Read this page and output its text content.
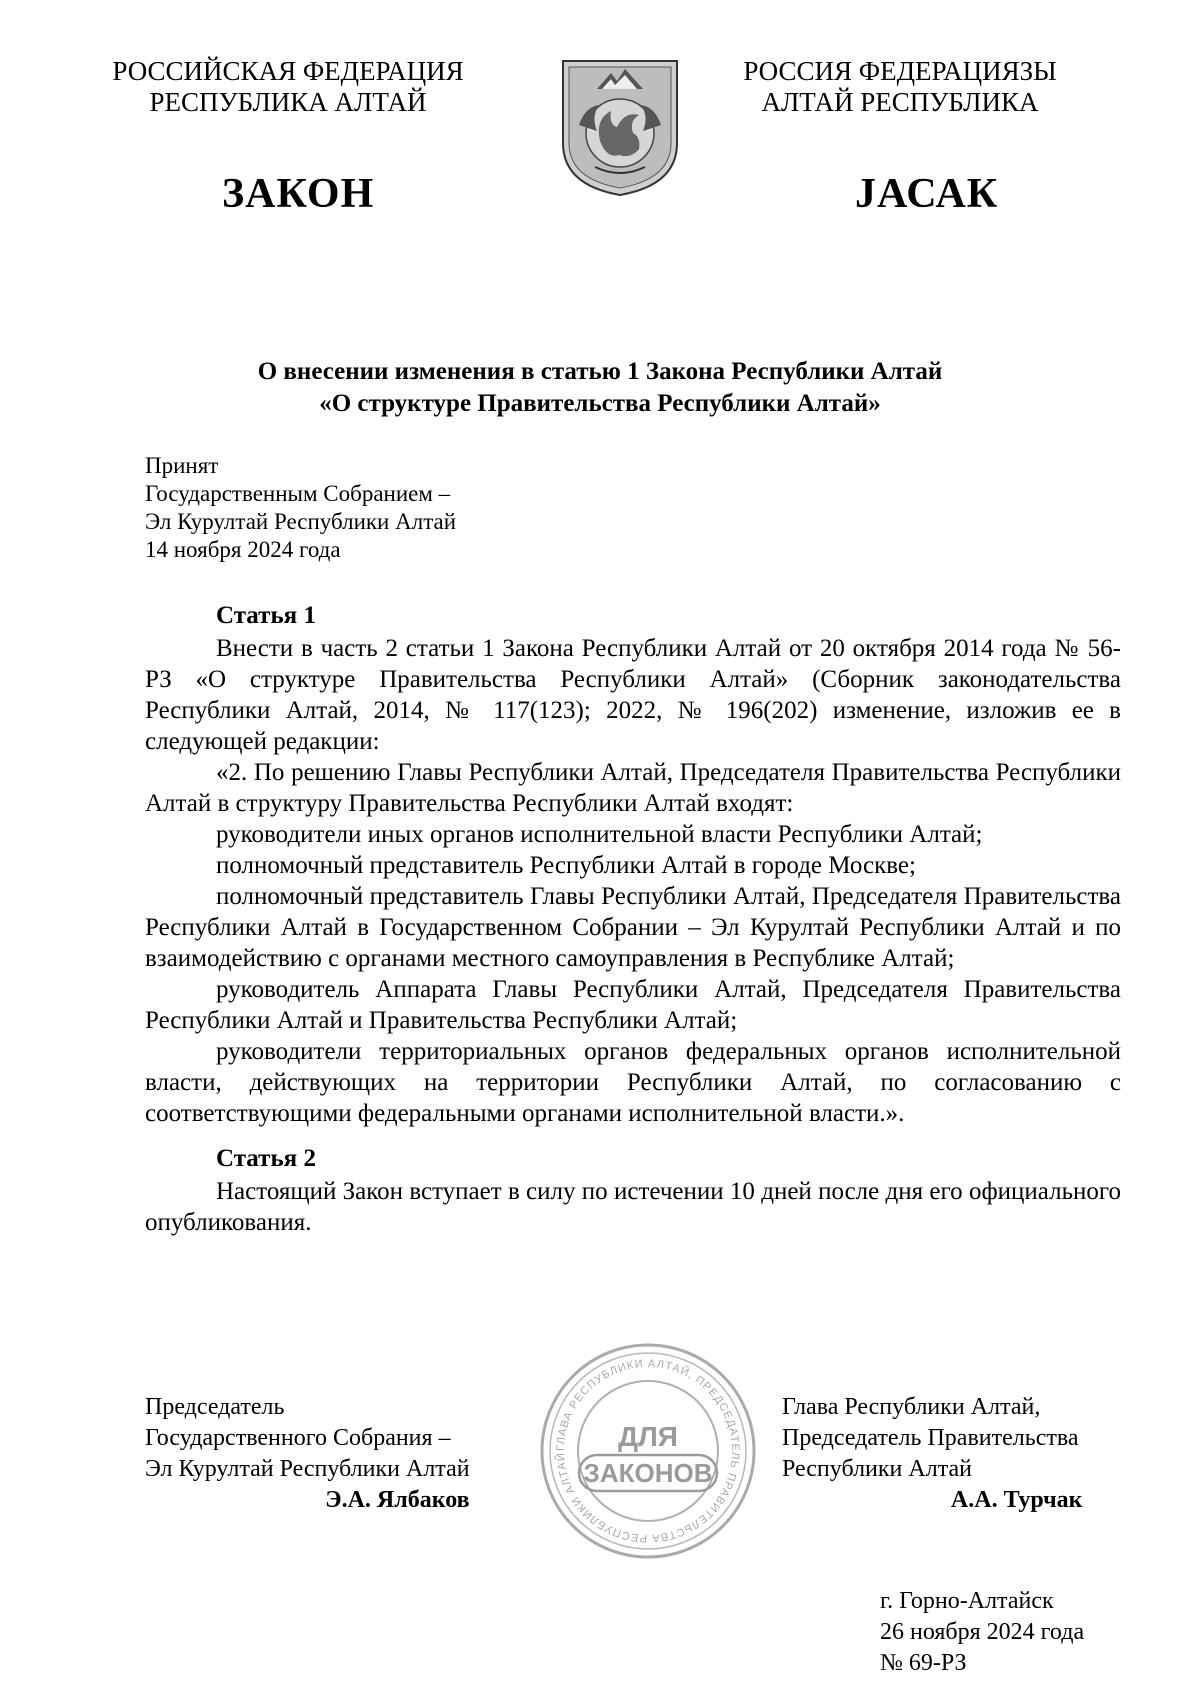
РОССИЙСКАЯ ФЕДЕРАЦИЯ
РЕСПУБЛИКА АЛТАЙ
РОССИЯ ФЕДЕРАЦИЯЗЫ
АЛТАЙ РЕСПУБЛИКА
ЗАКОН	ЈАСАК
О внесении изменения в статью 1 Закона Республики Алтай
«О структуре Правительства Республики Алтай»
Принят
Государственным Собранием –
Эл Курултай Республики Алтай
14 ноября 2024 года
Статья 1

Внести в часть 2 статьи 1 Закона Республики Алтай от 20 октября 2014 года № 56-РЗ «О структуре Правительства Республики Алтай» (Сборник законодательства Республики Алтай, 2014, № 117(123); 2022, № 196(202) изменение, изложив ее в следующей редакции:

«2. По решению Главы Республики Алтай, Председателя Правительства Республики Алтай в структуру Правительства Республики Алтай входят:

руководители иных органов исполнительной власти Республики Алтай;

полномочный представитель Республики Алтай в городе Москве;

полномочный представитель Главы Республики Алтай, Председателя Правительства Республики Алтай в Государственном Собрании – Эл Курултай Республики Алтай и по взаимодействию с органами местного самоуправления в Республике Алтай;

руководитель Аппарата Главы Республики Алтай, Председателя Правительства Республики Алтай и Правительства Республики Алтай;

руководители территориальных органов федеральных органов исполнительной власти, действующих на территории Республики Алтай, по согласованию с соответствующими федеральными органами исполнительной власти.».

Статья 2

Настоящий Закон вступает в силу по истечении 10 дней после дня его официального опубликования.

ГЛАВА РЕСПУБЛИКИ АЛТАЙ, ПРЕДСЕДАТЕЛЬ ПРАВИТЕЛЬСТВА РЕСПУБЛИКИ АЛТАЙ
ДЛЯ
ЗАКОНОВ
Председатель
Государственного Собрания –
Эл Курултай Республики Алтай
Э.А. Ялбаков
Глава Республики Алтай,
Председатель Правительства
Республики Алтай
А.А. Турчак
г. Горно-Алтайск
26 ноября 2024 года
№ 69-РЗ
